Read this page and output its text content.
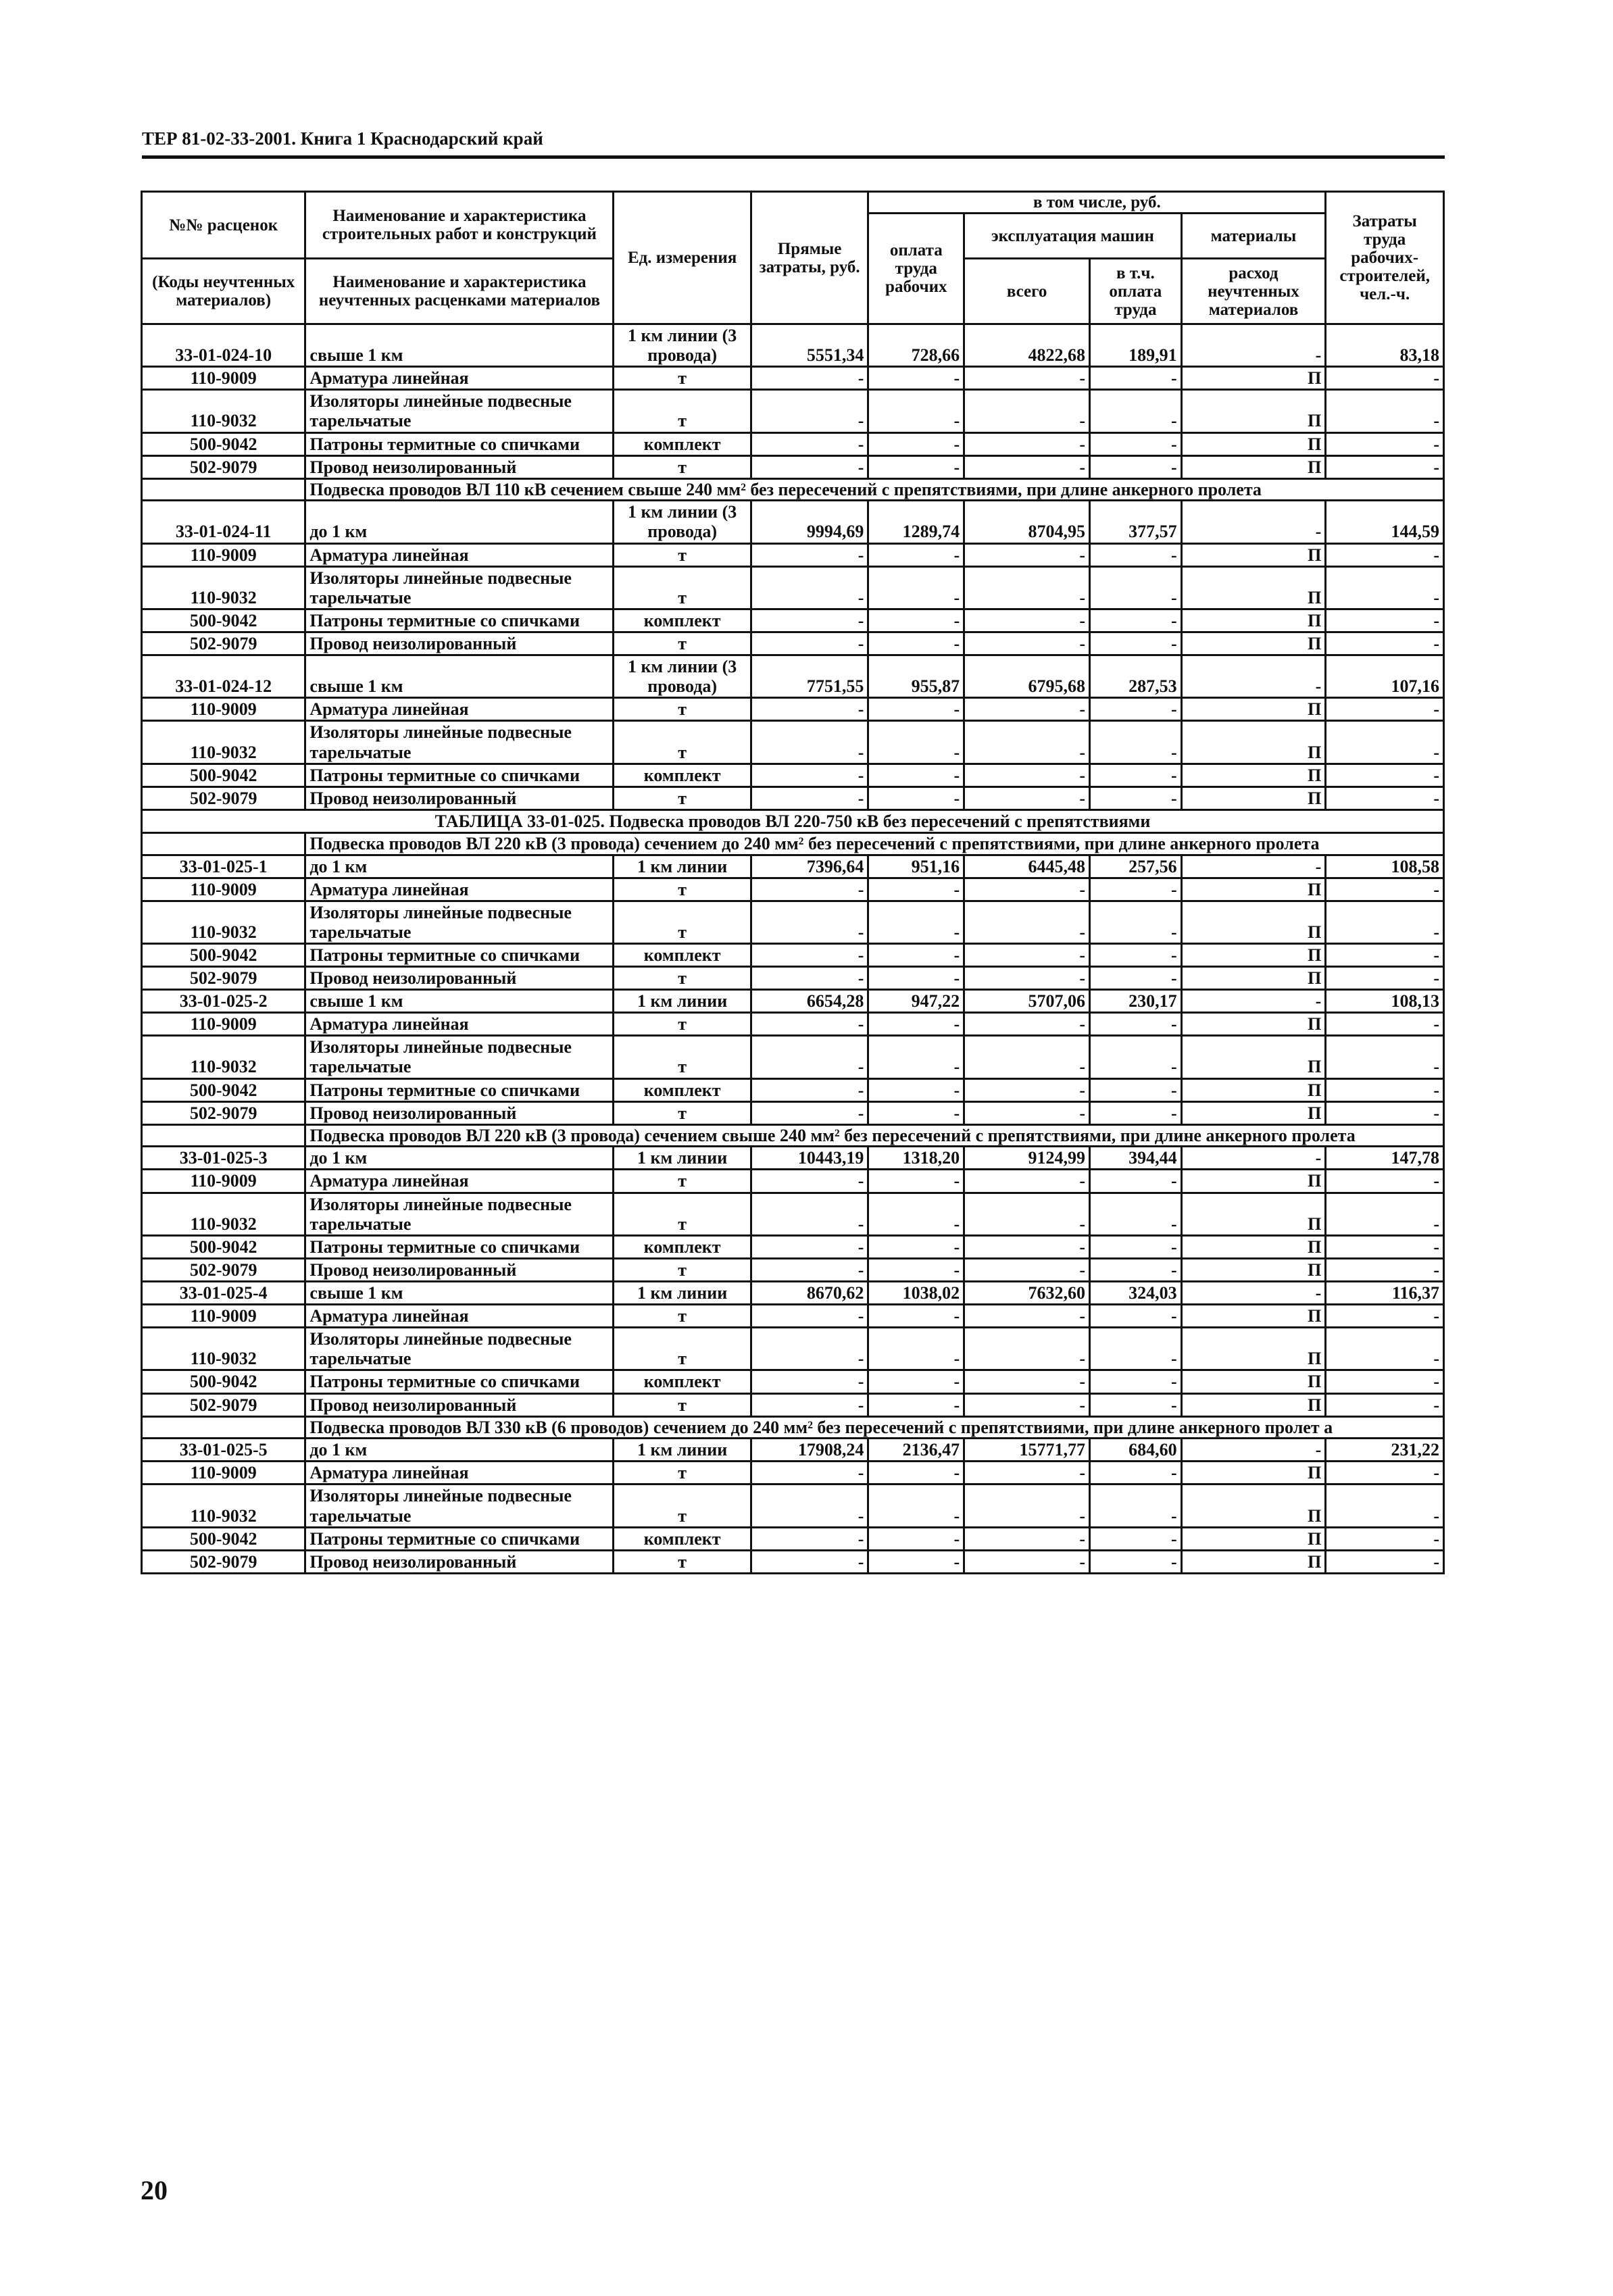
ТЕР 81-02-33-2001. Книга 1 Краснодарский край
№№ расценок	Наименование и характеристика строительных работ и конструкций	Ед. измерения	Прямые затраты, руб.	в том числе, руб.				Затраты труда рабочих-строителей, чел.-ч.
				оплата труда рабочих	эксплуатация машин		материалы	

(Коды неучтенных материалов)	Наименование и характеристика неучтенных расценками материалов				всего	в т.ч. оплата труда	расход неучтенных материалов	

33-01-024-10	свыше 1 км	1 км линии (3 провода)	5551,34	728,66	4822,68	189,91	-	83,18
110-9009	Арматура линейная	т	-	-	-	-	П	-
110-9032	Изоляторы линейные подвесные тарельчатые	т	-	-	-	-	П	-
500-9042	Патроны термитные со спичками	комплект	-	-	-	-	П	-
502-9079	Провод неизолированный	т	-	-	-	-	П	-
	Подвеска проводов ВЛ 110 кВ сечением свыше 240 мм² без пересечений с препятствиями, при длине анкерного пролета							
33-01-024-11	до 1 км	1 км линии (3 провода)	9994,69	1289,74	8704,95	377,57	-	144,59
110-9009	Арматура линейная	т	-	-	-	-	П	-
110-9032	Изоляторы линейные подвесные тарельчатые	т	-	-	-	-	П	-
500-9042	Патроны термитные со спичками	комплект	-	-	-	-	П	-
502-9079	Провод неизолированный	т	-	-	-	-	П	-
33-01-024-12	свыше 1 км	1 км линии (3 провода)	7751,55	955,87	6795,68	287,53	-	107,16
110-9009	Арматура линейная	т	-	-	-	-	П	-
110-9032	Изоляторы линейные подвесные тарельчатые	т	-	-	-	-	П	-
500-9042	Патроны термитные со спичками	комплект	-	-	-	-	П	-
502-9079	Провод неизолированный	т	-	-	-	-	П	-
ТАБЛИЦА 33-01-025. Подвеска проводов ВЛ 220-750 кВ без пересечений с препятствиями								
	Подвеска проводов ВЛ 220 кВ (3 провода) сечением до 240 мм² без пересечений с препятствиями, при длине анкерного пролета							
33-01-025-1	до 1 км	1 км линии	7396,64	951,16	6445,48	257,56	-	108,58
110-9009	Арматура линейная	т	-	-	-	-	П	-
110-9032	Изоляторы линейные подвесные тарельчатые	т	-	-	-	-	П	-
500-9042	Патроны термитные со спичками	комплект	-	-	-	-	П	-
502-9079	Провод неизолированный	т	-	-	-	-	П	-
33-01-025-2	свыше 1 км	1 км линии	6654,28	947,22	5707,06	230,17	-	108,13
110-9009	Арматура линейная	т	-	-	-	-	П	-
110-9032	Изоляторы линейные подвесные тарельчатые	т	-	-	-	-	П	-
500-9042	Патроны термитные со спичками	комплект	-	-	-	-	П	-
502-9079	Провод неизолированный	т	-	-	-	-	П	-
	Подвеска проводов ВЛ 220 кВ (3 провода) сечением свыше 240 мм² без пересечений с препятствиями, при длине анкерного пролета							
33-01-025-3	до 1 км	1 км линии	10443,19	1318,20	9124,99	394,44	-	147,78
110-9009	Арматура линейная	т	-	-	-	-	П	-
110-9032	Изоляторы линейные подвесные тарельчатые	т	-	-	-	-	П	-
500-9042	Патроны термитные со спичками	комплект	-	-	-	-	П	-
502-9079	Провод неизолированный	т	-	-	-	-	П	-
33-01-025-4	свыше 1 км	1 км линии	8670,62	1038,02	7632,60	324,03	-	116,37
110-9009	Арматура линейная	т	-	-	-	-	П	-
110-9032	Изоляторы линейные подвесные тарельчатые	т	-	-	-	-	П	-
500-9042	Патроны термитные со спичками	комплект	-	-	-	-	П	-
502-9079	Провод неизолированный	т	-	-	-	-	П	-
	Подвеска проводов ВЛ 330 кВ (6 проводов) сечением до 240 мм² без пересечений с препятствиями, при длине анкерного пролет а							
33-01-025-5	до 1 км	1 км линии	17908,24	2136,47	15771,77	684,60	-	231,22
110-9009	Арматура линейная	т	-	-	-	-	П	-
110-9032	Изоляторы линейные подвесные тарельчатые	т	-	-	-	-	П	-
500-9042	Патроны термитные со спичками	комплект	-	-	-	-	П	-
502-9079	Провод неизолированный	т	-	-	-	-	П	-
20
